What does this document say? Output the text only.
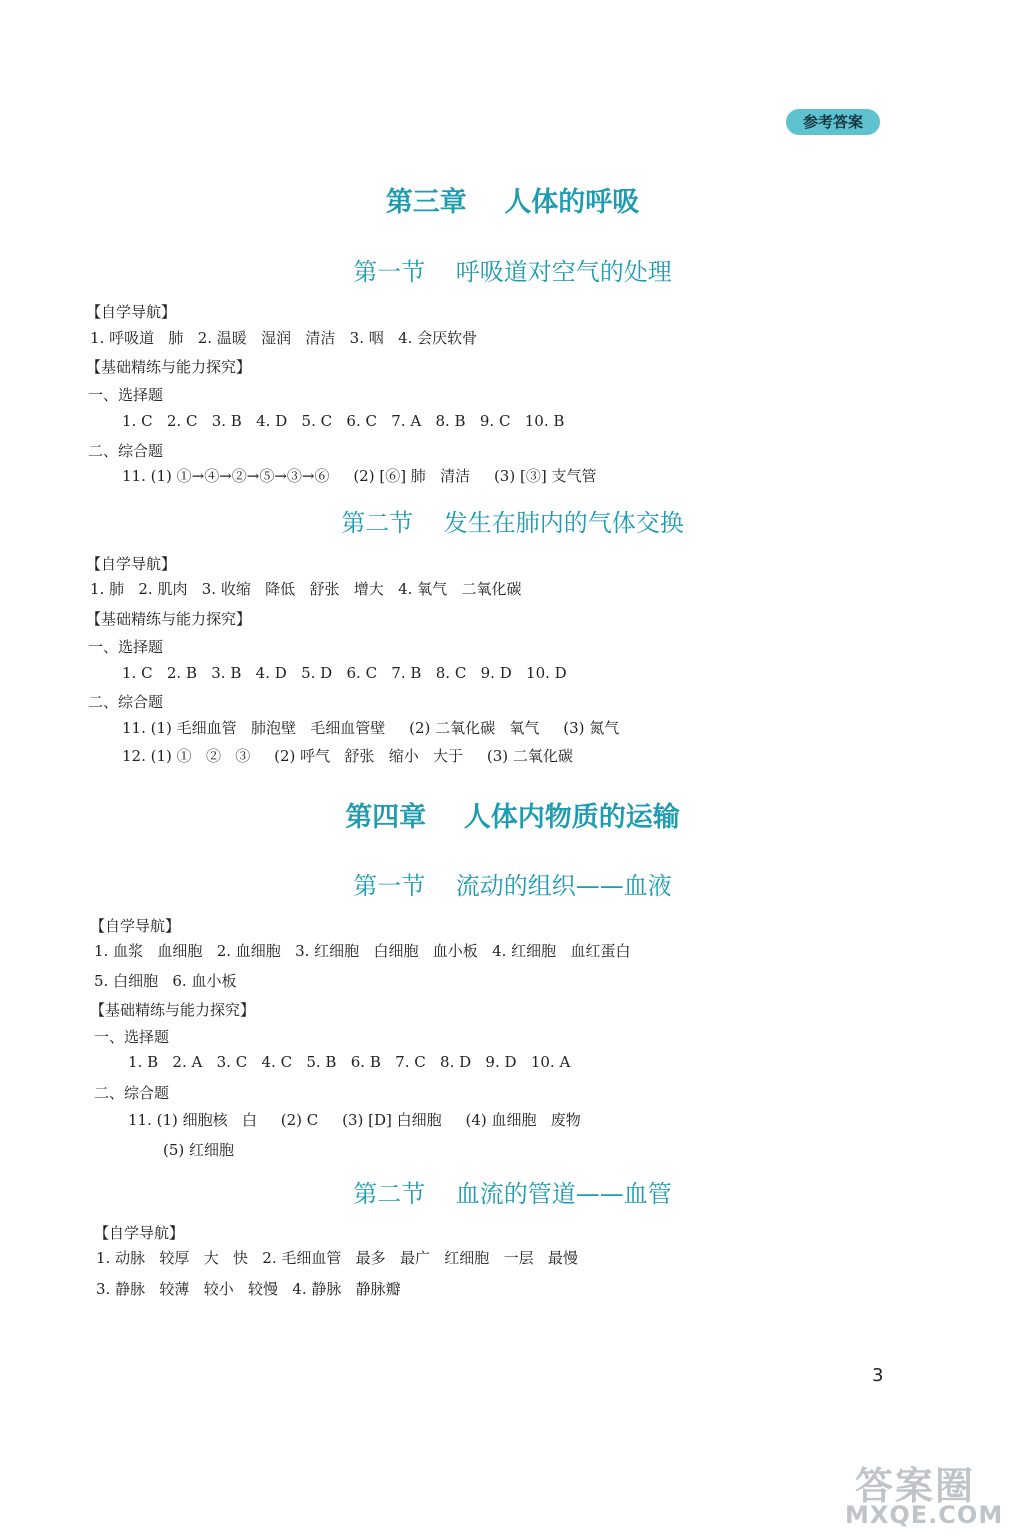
参考答案
第三章    人体的呼吸
第一节    呼吸道对空气的处理
【自学导航】
1. 呼吸道   肺   2. 温暖   湿润   清洁   3. 咽   4. 会厌软骨
【基础精练与能力探究】
一、选择题
1. C   2. C   3. B   4. D   5. C   6. C   7. A   8. B   9. C   10. B
二、综合题
11. (1) ①→④→②→⑤→③→⑥     (2) [⑥] 肺   清洁     (3) [③] 支气管
第二节    发生在肺内的气体交换
【自学导航】
1. 肺   2. 肌肉   3. 收缩   降低   舒张   增大   4. 氧气   二氧化碳
【基础精练与能力探究】
一、选择题
1. C   2. B   3. B   4. D   5. D   6. C   7. B   8. C   9. D   10. D
二、综合题
11. (1) 毛细血管   肺泡壁   毛细血管壁     (2) 二氧化碳   氧气     (3) 氮气
12. (1) ①   ②   ③     (2) 呼气   舒张   缩小   大于     (3) 二氧化碳
第四章    人体内物质的运输
第一节    流动的组织——血液
【自学导航】
1. 血浆   血细胞   2. 血细胞   3. 红细胞   白细胞   血小板   4. 红细胞   血红蛋白
5. 白细胞   6. 血小板
【基础精练与能力探究】
一、选择题
1. B   2. A   3. C   4. C   5. B   6. B   7. C   8. D   9. D   10. A
二、综合题
11. (1) 细胞核   白     (2) C     (3) [D] 白细胞     (4) 血细胞   废物
(5) 红细胞
第二节    血流的管道——血管
【自学导航】
1. 动脉   较厚   大   快   2. 毛细血管   最多   最广   红细胞   一层   最慢
3. 静脉   较薄   较小   较慢   4. 静脉   静脉瓣
3
答案圈
MXQE.COM
